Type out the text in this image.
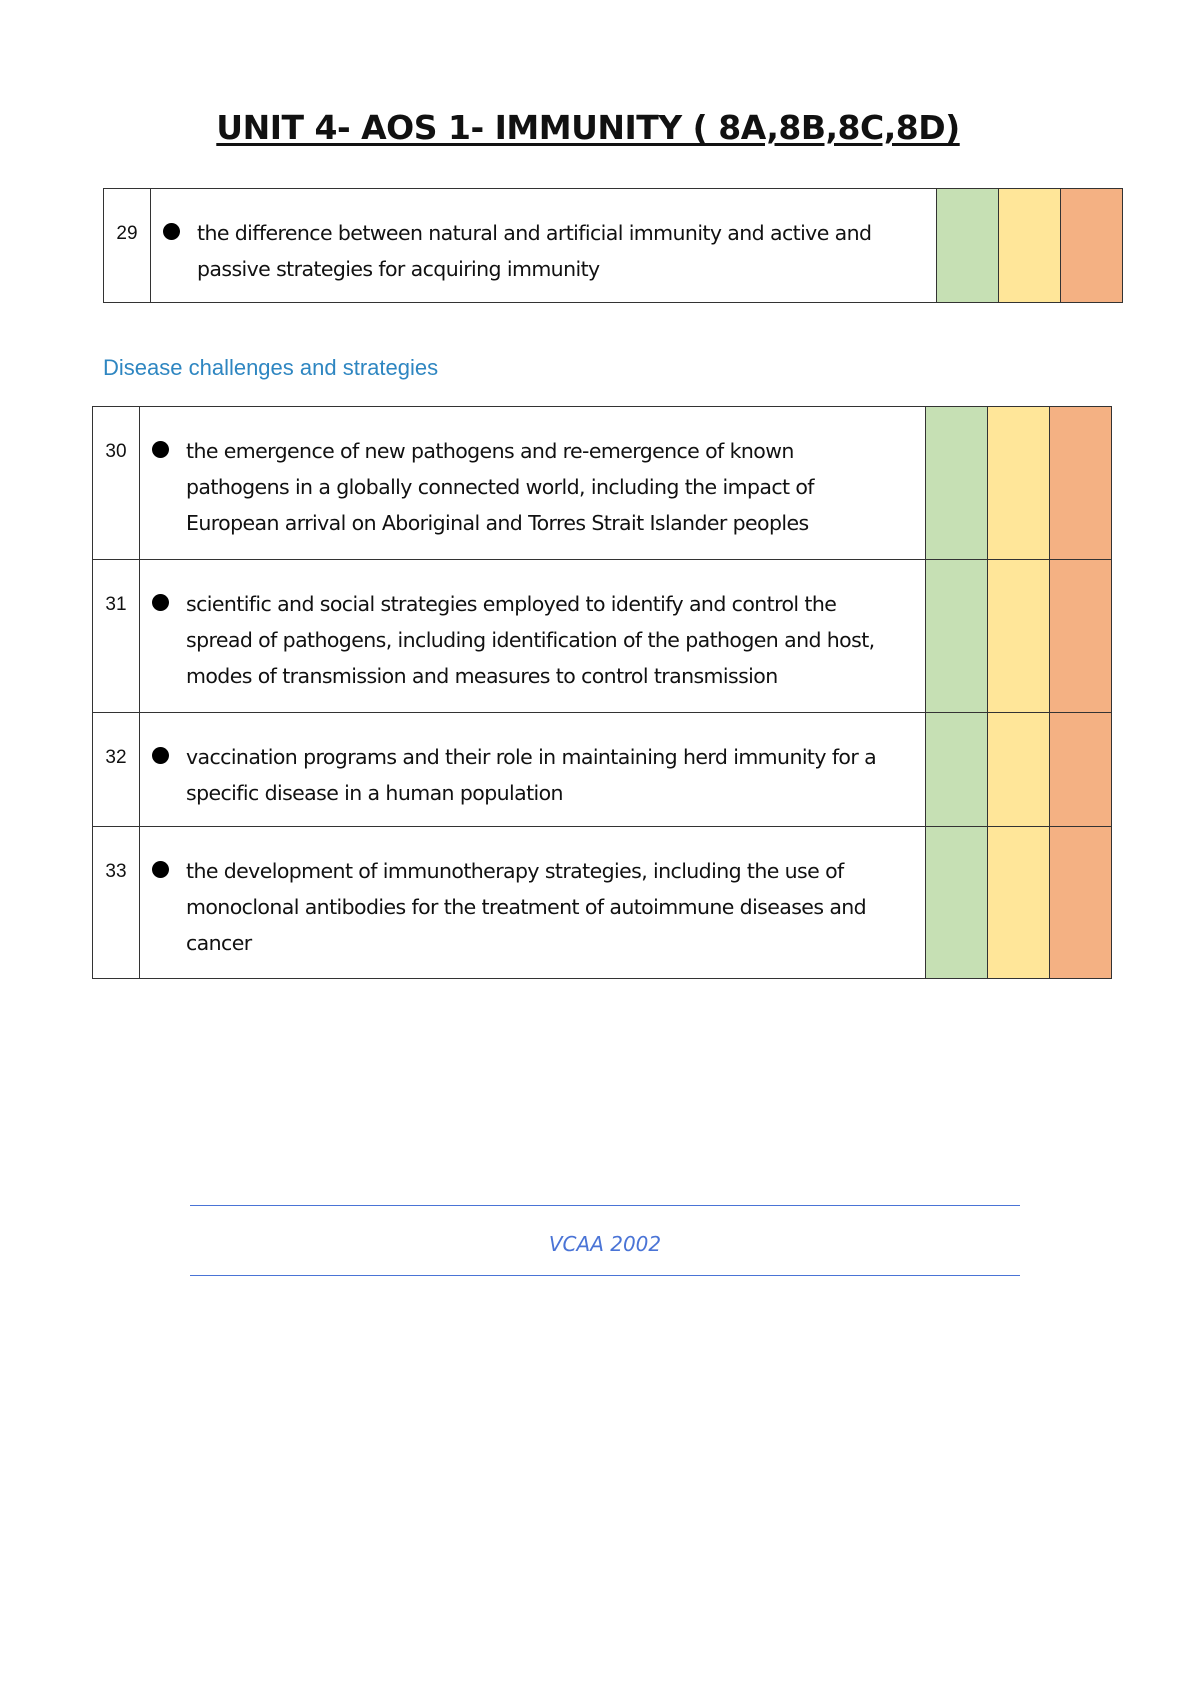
UNIT 4- AOS 1- IMMUNITY ( 8A,8B,8C,8D)
29	the difference between natural and artificial immunity and active and passive strategies for acquiring immunity

Disease challenges and strategies
30	the emergence of new pathogens and re-emergence of known pathogens in a globally connected world, including the impact of European arrival on Aboriginal and Torres Strait Islander peoples			

31	scientific and social strategies employed to identify and control the spread of pathogens, including identification of the pathogen and host, modes of transmission and measures to control transmission			

32	vaccination programs and their role in maintaining herd immunity for a specific disease in a human population			

33	the development of immunotherapy strategies, including the use of monoclonal antibodies for the treatment of autoimmune diseases and cancer			

VCAA 2002
